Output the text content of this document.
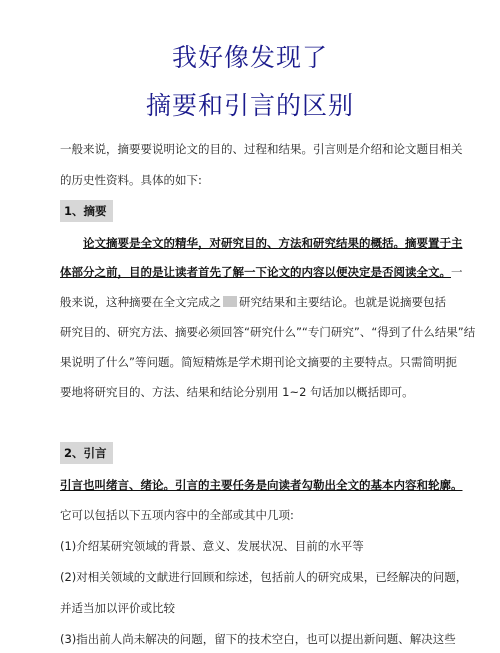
我好像发现了
摘要和引言的区别
一般来说，摘要要说明论文的目的、过程和结果。引言则是介绍和论文题目相关
的历史性资料。具体的如下:
1、摘要
论文摘要是全文的精华，对研究目的、方法和研究结果的概括。摘要置于主
体部分之前，目的是让读者首先了解一下论文的内容以便决定是否阅读全文。一
般来说，这种摘要在全文完成之 研究结果和主要结论。也就是说摘要包括
研究目的、研究方法、摘要必须回答“研究什么”“专门研究”、“得到了什么结果”结
果说明了什么”等问题。简短精炼是学术期刊论文摘要的主要特点。只需简明扼
要地将研究目的、方法、结果和结论分别用 1~2 句话加以概括即可。
2、引言
引言也叫绪言、绪论。引言的主要任务是向读者勾勒出全文的基本内容和轮廓。
它可以包括以下五项内容中的全部或其中几项:
(1)介绍某研究领域的背景、意义、发展状况、目前的水平等
(2)对相关领域的文献进行回顾和综述，包括前人的研究成果，已经解决的问题，
并适当加以评价或比较
(3)指出前人尚未解决的问题，留下的技术空白，也可以提出新问题、解决这些
